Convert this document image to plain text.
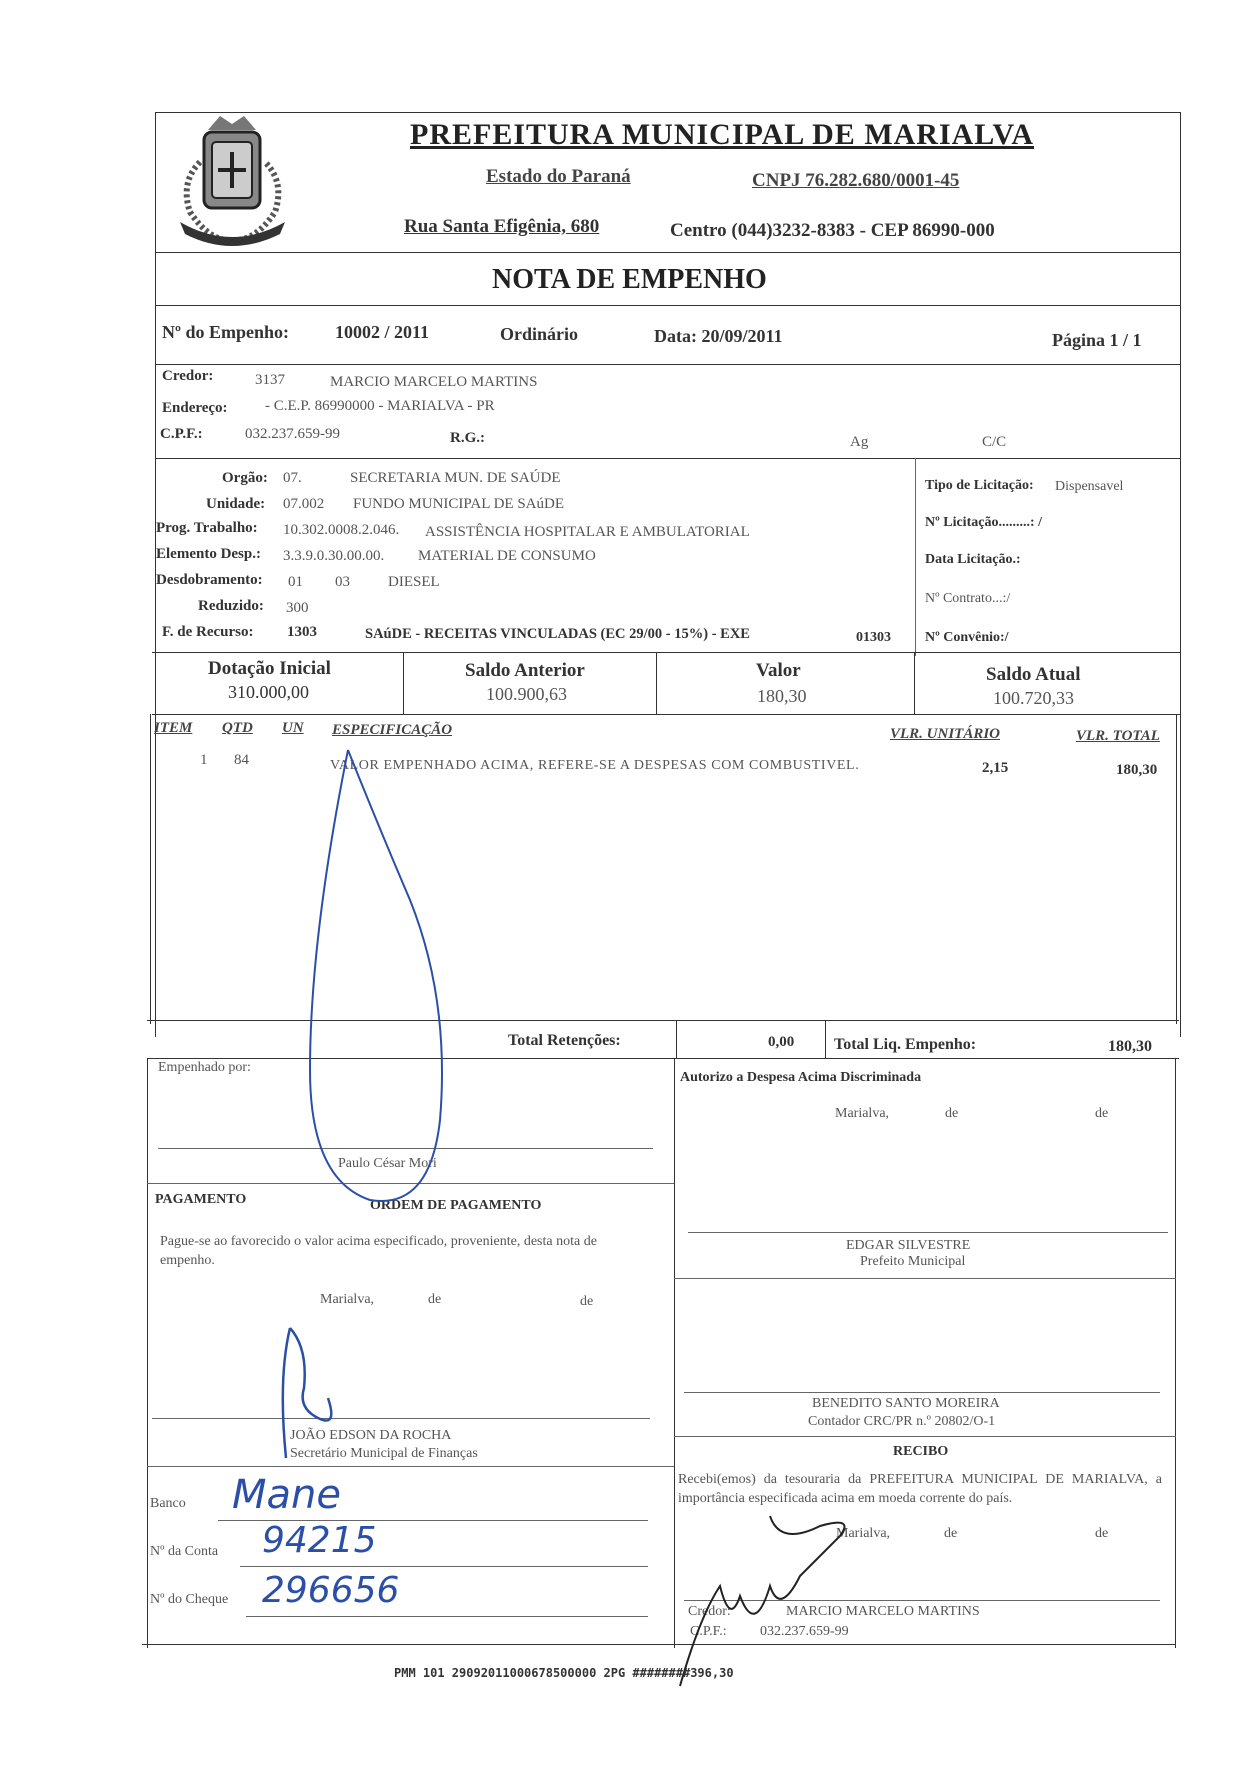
PREFEITURA MUNICIPAL DE MARIALVA
Estado do Paraná	CNPJ 76.282.680/0001-45
Rua Santa Efigênia, 680	Centro (044)3232-8383 - CEP 86990-000
NOTA DE EMPENHO
Nº do Empenho:	10002 / 2011	Ordinário	Data: 20/09/2011	Página 1 / 1
Credor:	3137	MARCIO MARCELO MARTINS
Endereço: - C.E.P. 86990000 - MARIALVA - PR
C.P.F.:	032.237.659-99	R.G.:	Ag	C/C
Orgão: 07.	SECRETARIA MUN. DE SAÚDE
Unidade: 07.002 FUNDO MUNICIPAL DE SAúDE
Prog. Trabalho: 10.302.0008.2.046. ASSISTÊNCIA HOSPITALAR E AMBULATORIAL
Elemento Desp.: 3.3.9.0.30.00.00. MATERIAL DE CONSUMO
Desdobramento: 01 03	DIESEL
Reduzido: 300
F. de Recurso: 1303	SAúDE - RECEITAS VINCULADAS (EC 29/00 - 15%) - EXE	01303
Tipo de Licitação: Dispensavel
Nº Licitação.........: /
Data Licitação.:
Nº Contrato...:/
Nº Convênio:/
Dotação Inicial
310.000,00
Saldo Anterior
100.900,63
Valor
180,30
Saldo Atual
100.720,33
ITEM QTD UN ESPECIFICAÇÃO	VLR. UNITÁRIO	VLR. TOTAL
1 84	VALOR EMPENHADO ACIMA, REFERE-SE A DESPESAS COM COMBUSTIVEL.	2,15	180,30
Total Retenções:	0,00 Total Liq. Empenho:	180,30
Empenhado por:
Paulo César Mori
Autorizo a Despesa Acima Discriminada
Marialva,	de	de
PAGAMENTO	ORDEM DE PAGAMENTO
Pague-se ao favorecido o valor acima especificado, proveniente, desta nota de empenho.
Marialva,	de	de
EDGAR SILVESTRE
Prefeito Municipal
BENEDITO SANTO MOREIRA
Contador CRC/PR n.º 20802/O-1
JOÃO EDSON DA ROCHA
Secretário Municipal de Finanças	RECIBO
Recebi(emos) da tesouraria da PREFEITURA MUNICIPAL DE MARIALVA, a importância especificada acima em moeda corrente do país.
Marialva,	de	de
Credor:	MARCIO MARCELO MARTINS
C.P.F.: 032.237.659-99
Banco Mane
Nº da Conta 94215
Nº do Cheque 296656
PMM 101 29092011000678500000 2PG ########396,30
